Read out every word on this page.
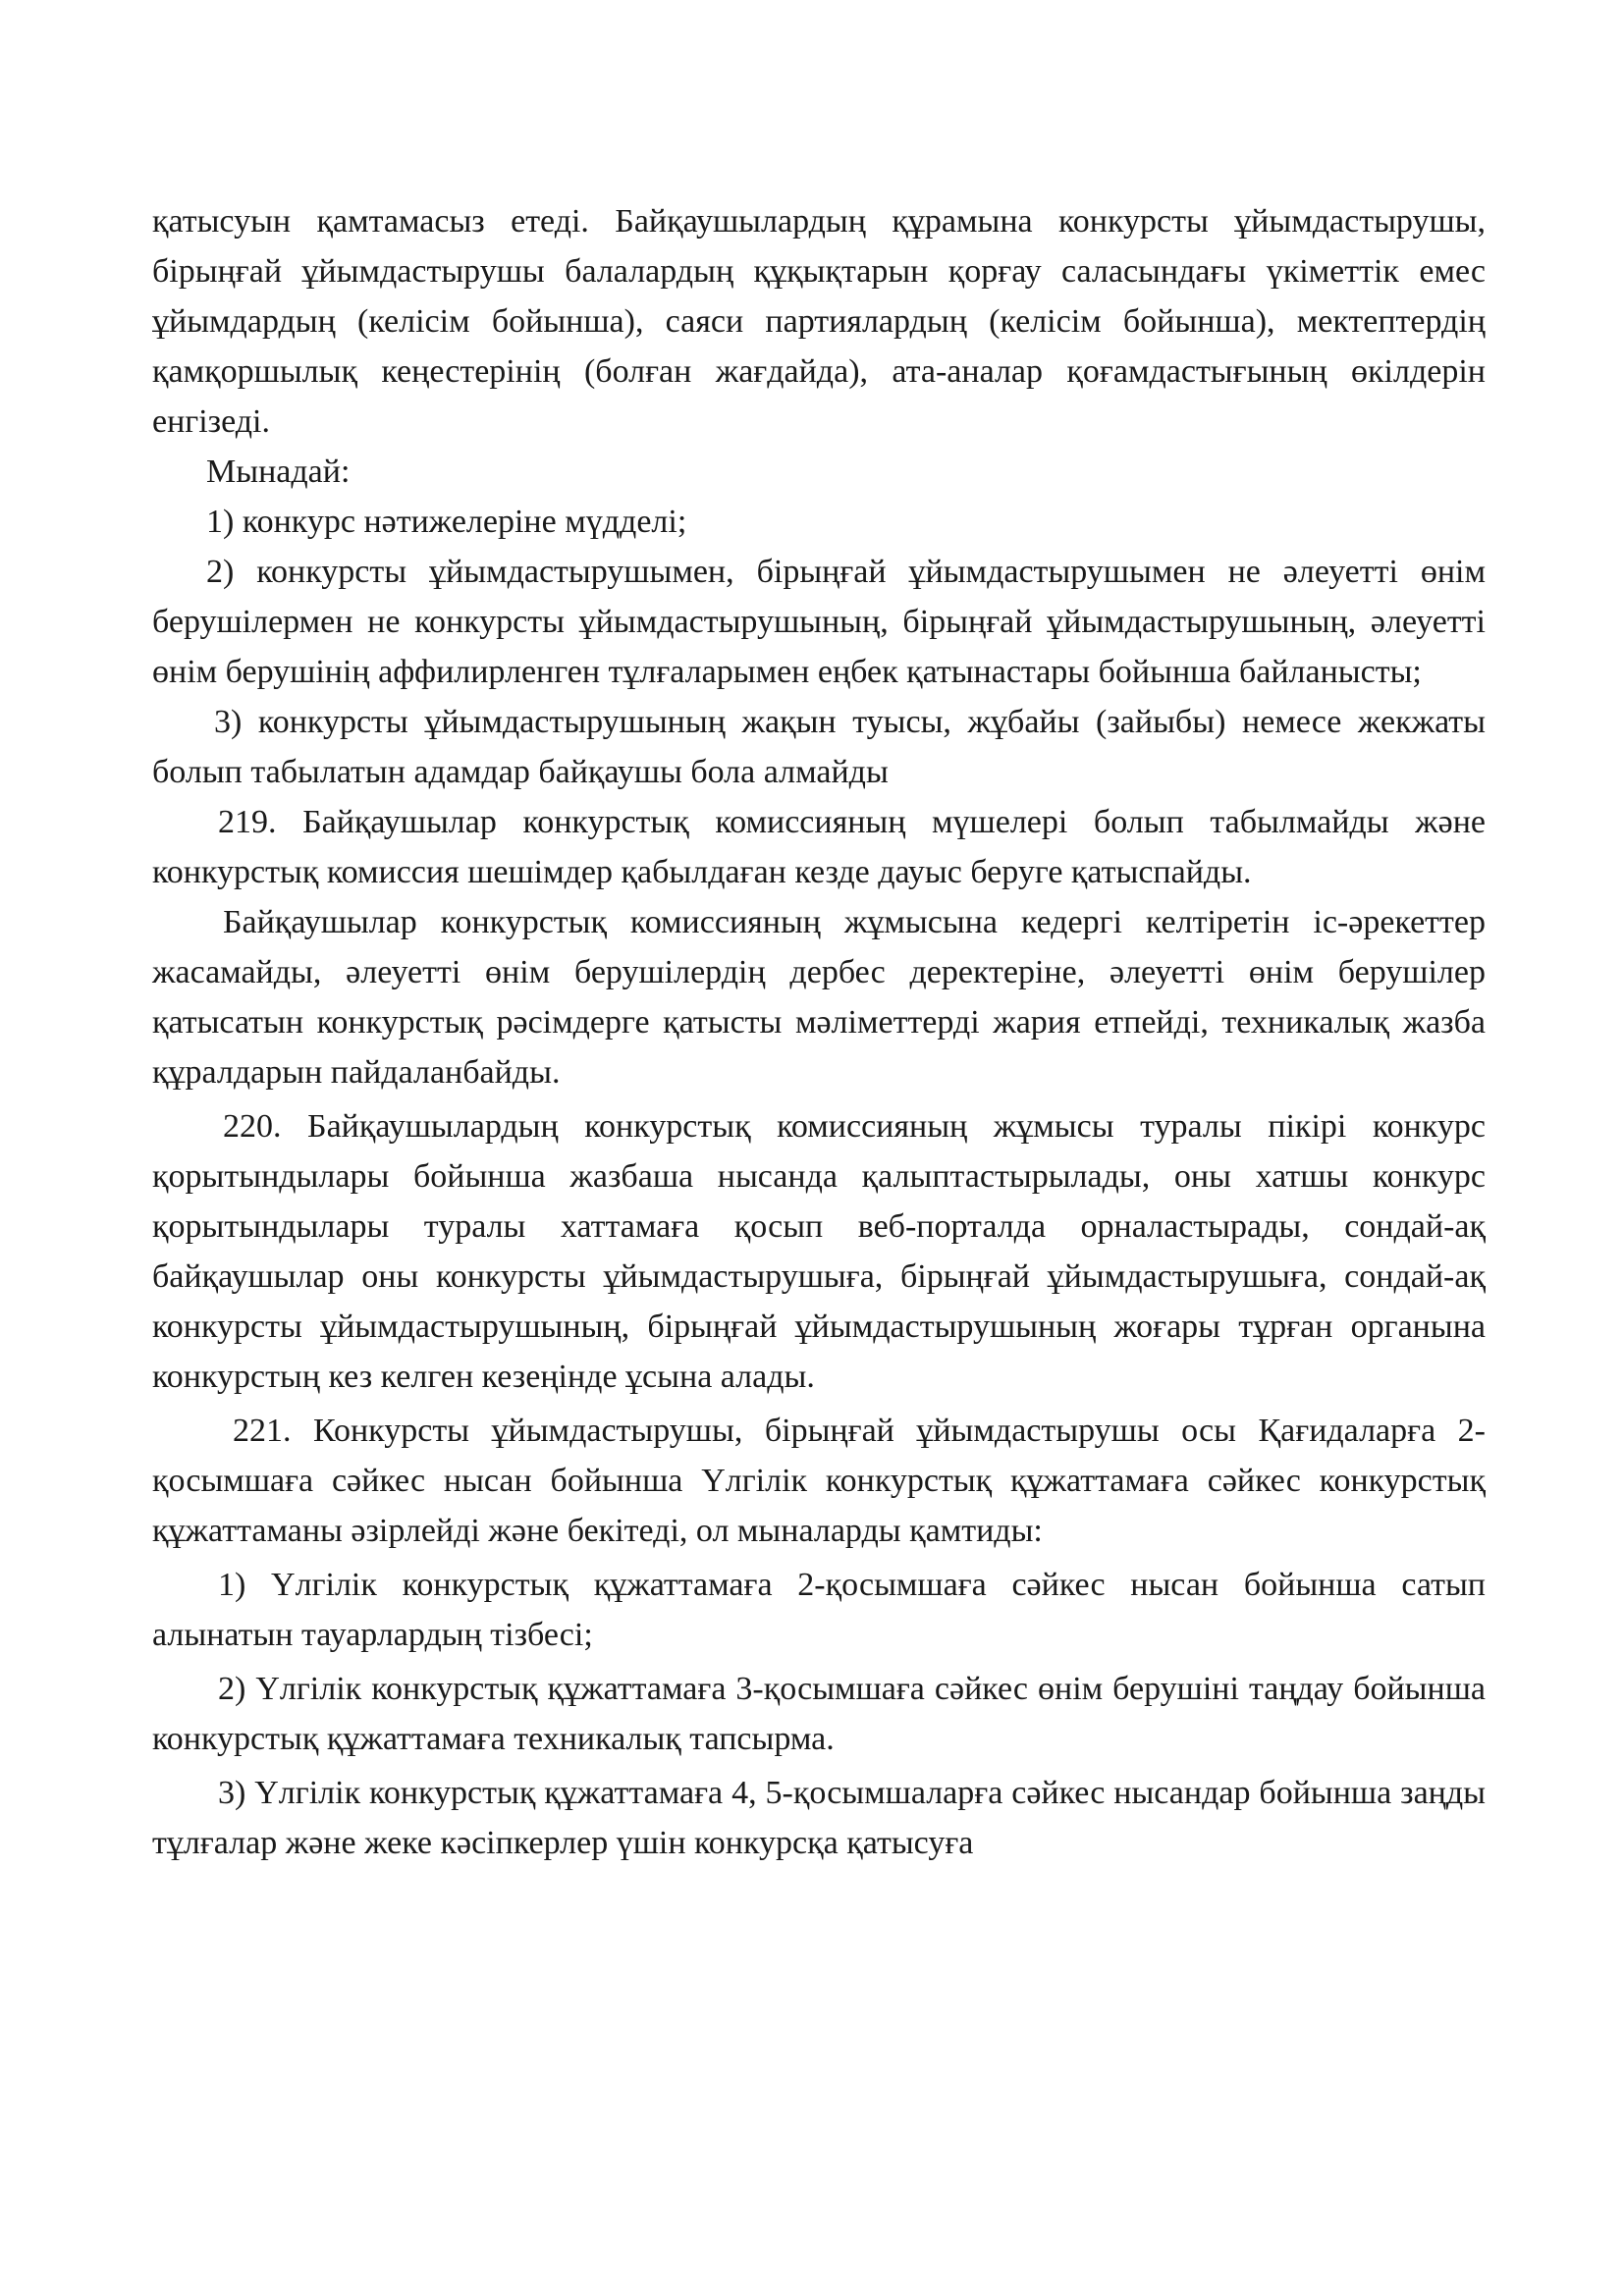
қатысуын қамтамасыз етеді. Байқаушылардың құрамына конкурсты ұйымдастырушы, бірыңғай ұйымдастырушы балалардың құқықтарын қорғау саласындағы үкіметтік емес ұйымдардың (келісім бойынша), саяси партиялардың (келісім бойынша), мектептердің қамқоршылық кеңестерінің (болған жағдайда), ата-аналар қоғамдастығының өкілдерін енгізеді.

Мынадай:

1) конкурс нәтижелеріне мүдделі;

2) конкурсты ұйымдастырушымен, бірыңғай ұйымдастырушымен не әлеуетті өнім берушілермен не конкурсты ұйымдастырушының, бірыңғай ұйымдастырушының, әлеуетті өнім берушінің аффилирленген тұлғаларымен еңбек қатынастары бойынша байланысты;

3) конкурсты ұйымдастырушының жақын туысы, жұбайы (зайыбы) немесе жекжаты болып табылатын адамдар байқаушы бола алмайды

219. Байқаушылар конкурстық комиссияның мүшелері болып табылмайды және конкурстық комиссия шешімдер қабылдаған кезде дауыс беруге қатыспайды.

Байқаушылар конкурстық комиссияның жұмысына кедергі келтіретін іс-әрекеттер жасамайды, әлеуетті өнім берушілердің дербес деректеріне, әлеуетті өнім берушілер қатысатын конкурстық рәсімдерге қатысты мәліметтерді жария етпейді, техникалық жазба құралдарын пайдаланбайды.

220. Байқаушылардың конкурстық комиссияның жұмысы туралы пікірі конкурс қорытындылары бойынша жазбаша нысанда қалыптастырылады, оны хатшы конкурс қорытындылары туралы хаттамаға қосып веб-порталда орналастырады, сондай-ақ байқаушылар оны конкурсты ұйымдастырушыға, бірыңғай ұйымдастырушыға, сондай-ақ конкурсты ұйымдастырушының, бірыңғай ұйымдастырушының жоғары тұрған органына конкурстың кез келген кезеңінде ұсына алады.

221. Конкурсты ұйымдастырушы, бірыңғай ұйымдастырушы осы Қағидаларға 2-қосымшаға сәйкес нысан бойынша Үлгілік конкурстық құжаттамаға сәйкес конкурстық құжаттаманы әзірлейді және бекітеді, ол мыналарды қамтиды:

1) Үлгілік конкурстық құжаттамаға 2-қосымшаға сәйкес нысан бойынша сатып алынатын тауарлардың тізбесі;

2) Үлгілік конкурстық құжаттамаға 3-қосымшаға сәйкес өнім берушіні таңдау бойынша конкурстық құжаттамаға техникалық тапсырма.

3) Үлгілік конкурстық құжаттамаға 4, 5-қосымшаларға сәйкес нысандар бойынша заңды тұлғалар және жеке кәсіпкерлер үшін конкурсқа қатысуға
